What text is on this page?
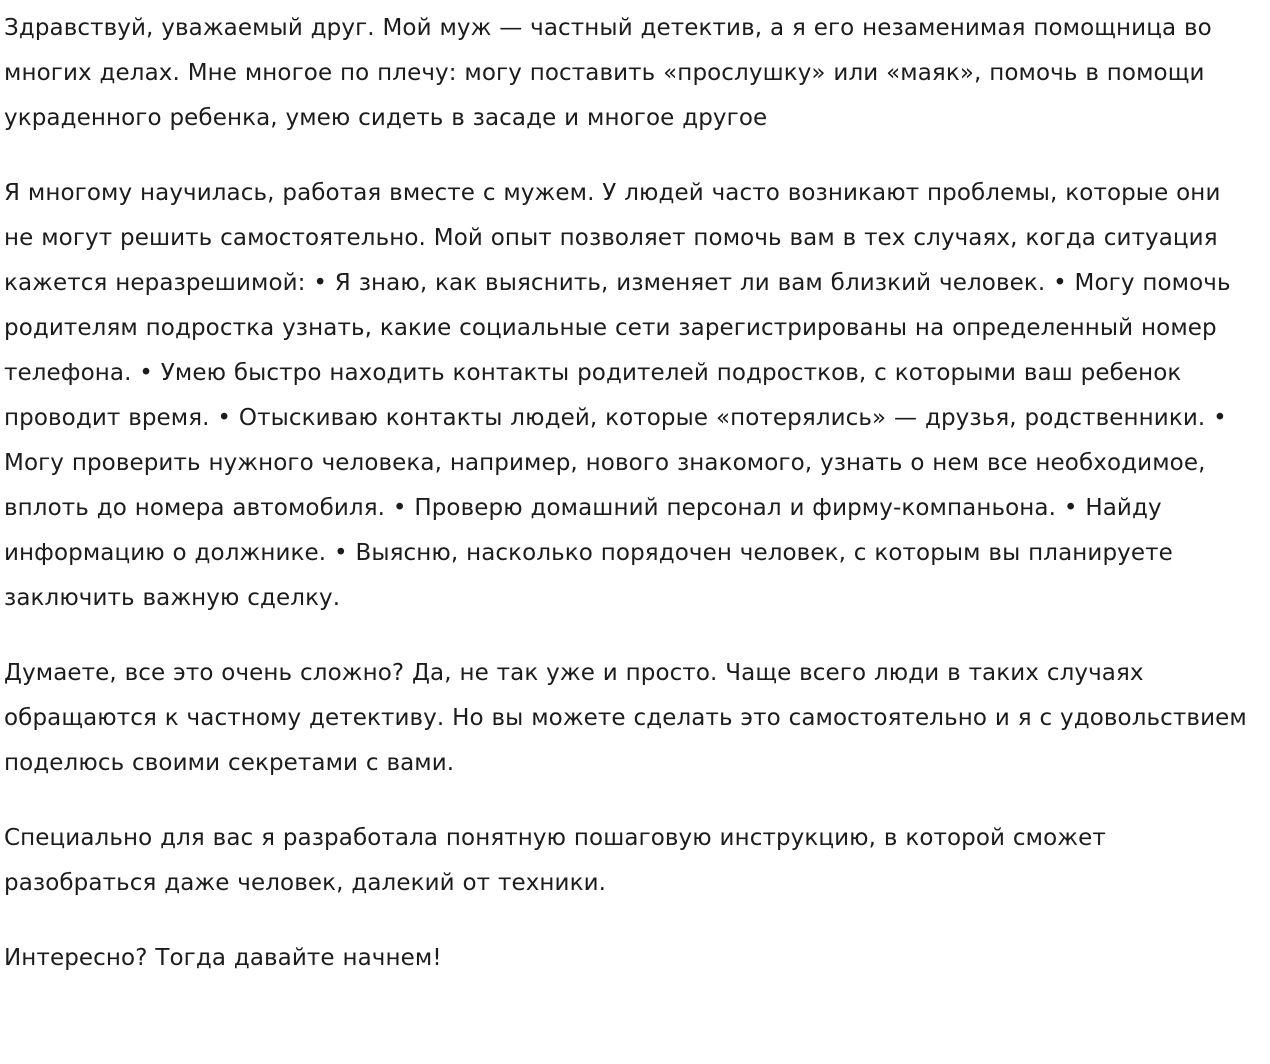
Здравствуй, уважаемый друг. Мой муж — частный детектив, а я его незаменимая помощница во многих делах. Мне многое по плечу: могу поставить «прослушку» или «маяк», помочь в помощи украденного ребенка, умею сидеть в засаде и многое другое

Я многому научилась, работая вместе с мужем. У людей часто возникают проблемы, которые они не могут решить самостоятельно. Мой опыт позволяет помочь вам в тех случаях, когда ситуация кажется неразрешимой: • Я знаю, как выяснить, изменяет ли вам близкий человек. • Могу помочь родителям подростка узнать, какие социальные сети зарегистрированы на определенный номер телефона. • Умею быстро находить контакты родителей подростков, с которыми ваш ребенок проводит время. • Отыскиваю контакты людей, которые «потерялись» — друзья, родственники. • Могу проверить нужного человека, например, нового знакомого, узнать о нем все необходимое, вплоть до номера автомобиля. • Проверю домашний персонал и фирму-компаньона. • Найду информацию о должнике. • Выясню, насколько порядочен человек, с которым вы планируете заключить важную сделку.

Думаете, все это очень сложно? Да, не так уже и просто. Чаще всего люди в таких случаях обращаются к частному детективу. Но вы можете сделать это самостоятельно и я с удовольствием поделюсь своими секретами с вами.

Специально для вас я разработала понятную пошаговую инструкцию, в которой сможет разобраться даже человек, далекий от техники.

Интересно? Тогда давайте начнем!
